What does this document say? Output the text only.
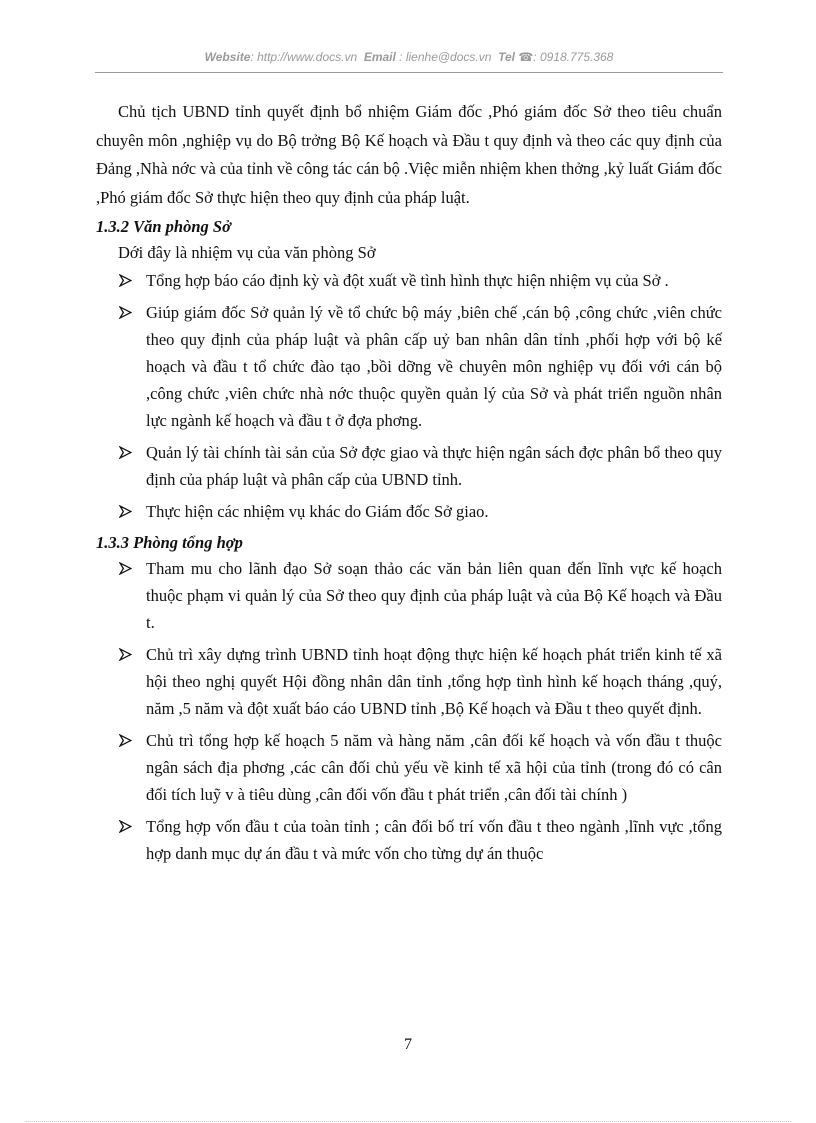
Website: http://www.docs.vn Email : lienhe@docs.vn Tel ☎: 0918.775.368

Chủ tịch UBND tỉnh quyết định bổ nhiệm Giám đốc ,Phó giám đốc Sở theo tiêu chuẩn chuyên môn ,nghiệp vụ do Bộ trởng Bộ Kế hoạch và Đầu t quy định và theo các quy định của Đảng ,Nhà nớc và của tỉnh về công tác cán bộ .Việc miễn nhiệm khen thởng ,kỷ luất Giám đốc ,Phó giám đốc Sở thực hiện theo quy định của pháp luật.

1.3.2 Văn phòng Sở

Dới đây là nhiệm vụ của văn phòng Sở

Tổng hợp báo cáo định kỳ và đột xuất về tình hình thực hiện nhiệm vụ của Sở .
Giúp giám đốc Sở quản lý về tổ chức bộ máy ,biên chế ,cán bộ ,công chức ,viên chức theo quy định của pháp luật và phân cấp uỷ ban nhân dân tỉnh ,phối hợp với bộ kế hoạch và đầu t tổ chức đào tạo ,bồi dỡng về chuyên môn nghiệp vụ đối với cán bộ ,công chức ,viên chức nhà nớc thuộc quyền quản lý của Sở và phát triển nguồn nhân lực ngành kế hoạch và đầu t ở đợa phơng.
Quản lý tài chính tài sản của Sở đợc giao và thực hiện ngân sách đợc phân bổ theo quy định của pháp luật và phân cấp của UBND tỉnh.
Thực hiện các nhiệm vụ khác do Giám đốc Sở giao.

1.3.3 Phòng tổng hợp

Tham mu cho lãnh đạo Sở soạn thảo các văn bản liên quan đến lĩnh vực kế hoạch thuộc phạm vi quản lý của Sở theo quy định của pháp luật và của Bộ Kế hoạch và Đầu t.
Chủ trì xây dựng trình UBND tỉnh hoạt động thực hiện kế hoạch phát triển kinh tế xã hội theo nghị quyết Hội đồng nhân dân tỉnh ,tổng hợp tình hình kế hoạch tháng ,quý, năm ,5 năm và đột xuất báo cáo UBND tỉnh ,Bộ Kế hoạch và Đầu t theo quyết định.
Chủ trì tổng hợp kế hoạch 5 năm và hàng năm ,cân đối kế hoạch và vốn đầu t thuộc ngân sách địa phơng ,các cân đối chủ yếu về kinh tế xã hội của tỉnh (trong đó có cân đối tích luỹ v à tiêu dùng ,cân đối vốn đầu t phát triển ,cân đối tài chính )
Tổng hợp vốn đầu t của toàn tỉnh ; cân đối bố trí vốn đầu t theo ngành ,lĩnh vực ,tổng hợp danh mục dự án đầu t và mức vốn cho từng dự án thuộc
7
